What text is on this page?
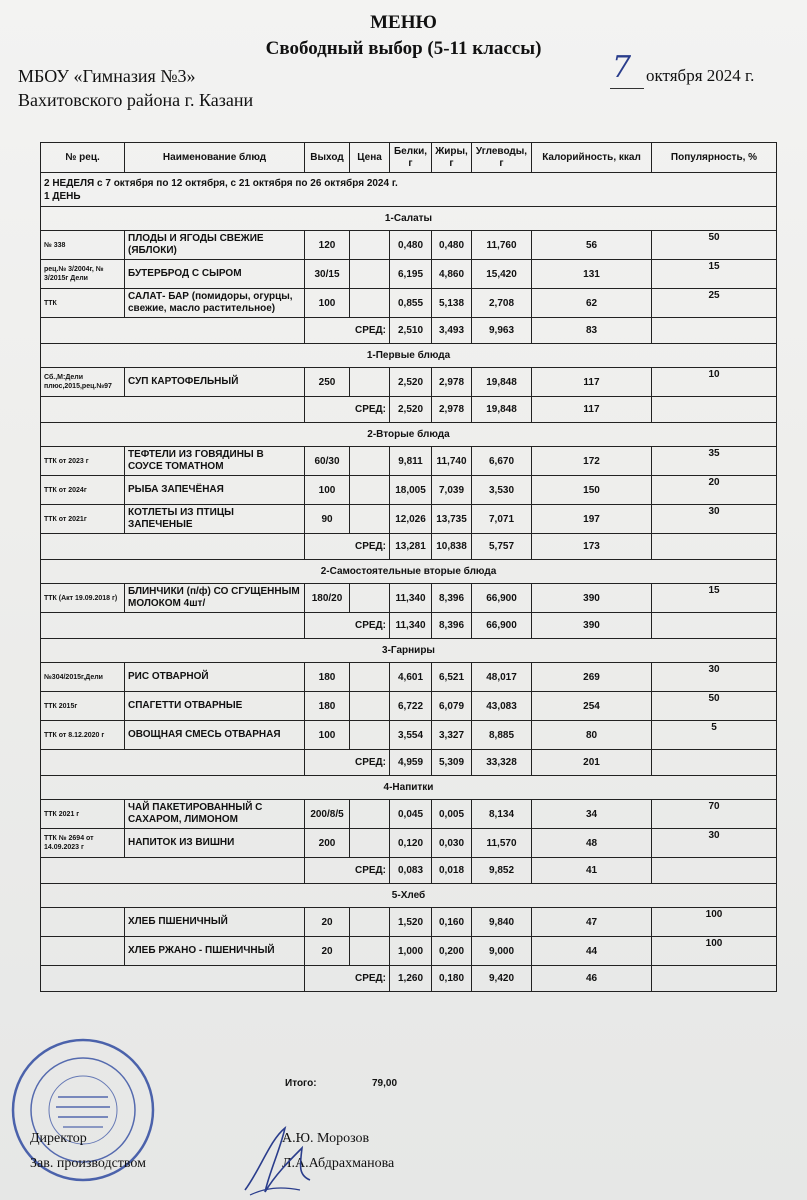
МЕНЮ
Свободный выбор (5-11 классы)
МБОУ «Гимназия №3»
Вахитовского района г. Казани
7 октября 2024 г.
№ рец.	Наименование блюд	Выход	Цена	Белки, г	Жиры, г	Углеводы, г	Калорийность, ккал	Популярность, %

2 НЕДЕЛЯ с 7 октября по 12 октября, с 21 октября по 26 октября 2024 г.
1 ДЕНЬ								

1-Салаты								
№ 338	ПЛОДЫ И ЯГОДЫ СВЕЖИЕ (ЯБЛОКИ)	120		0,480	0,480	11,760	56	50
рец.№ 3/2004г, № 3/2015г Дели	БУТЕРБРОД С СЫРОМ	30/15		6,195	4,860	15,420	131	15
ТТК	САЛАТ- БАР (помидоры, огурцы, свежие, масло растительное)	100		0,855	5,138	2,708	62	25
		СРЕД:		2,510	3,493	9,963	83	
1-Первые блюда								
Сб.,М:Дели плюс,2015,рец.№97	СУП КАРТОФЕЛЬНЫЙ	250		2,520	2,978	19,848	117	10
		СРЕД:		2,520	2,978	19,848	117	
2-Вторые блюда								
ТТК от 2023 г	ТЕФТЕЛИ ИЗ ГОВЯДИНЫ В СОУСЕ ТОМАТНОМ	60/30		9,811	11,740	6,670	172	35
ТТК от 2024г	РЫБА ЗАПЕЧЁНАЯ	100		18,005	7,039	3,530	150	20
ТТК от 2021г	КОТЛЕТЫ ИЗ ПТИЦЫ ЗАПЕЧЕНЫЕ	90		12,026	13,735	7,071	197	30
		СРЕД:		13,281	10,838	5,757	173	
2-Самостоятельные вторые блюда								
ТТК (Акт 19.09.2018 г)	БЛИНЧИКИ (п/ф) СО СГУЩЕННЫМ МОЛОКОМ 4шт/	180/20		11,340	8,396	66,900	390	15
		СРЕД:		11,340	8,396	66,900	390	
3-Гарниры								
№304/2015г,Дели	РИС ОТВАРНОЙ	180		4,601	6,521	48,017	269	30
ТТК 2015г	СПАГЕТТИ ОТВАРНЫЕ	180		6,722	6,079	43,083	254	50
ТТК от 8.12.2020 г	ОВОЩНАЯ СМЕСЬ ОТВАРНАЯ	100		3,554	3,327	8,885	80	5
		СРЕД:		4,959	5,309	33,328	201	
4-Напитки								
ТТК 2021 г	ЧАЙ ПАКЕТИРОВАННЫЙ С САХАРОМ, ЛИМОНОМ	200/8/5		0,045	0,005	8,134	34	70
ТТК № 2694 от 14.09.2023 г	НАПИТОК ИЗ ВИШНИ	200		0,120	0,030	11,570	48	30
		СРЕД:		0,083	0,018	9,852	41	
5-Хлеб								
	ХЛЕБ ПШЕНИЧНЫЙ	20		1,520	0,160	9,840	47	100
	ХЛЕБ РЖАНО - ПШЕНИЧНЫЙ	20		1,000	0,200	9,000	44	100
		СРЕД:		1,260	0,180	9,420	46	
Итого:	79,00
Директор
Зав. производством
А.Ю. Морозов
Л.А.Абдрахманова
